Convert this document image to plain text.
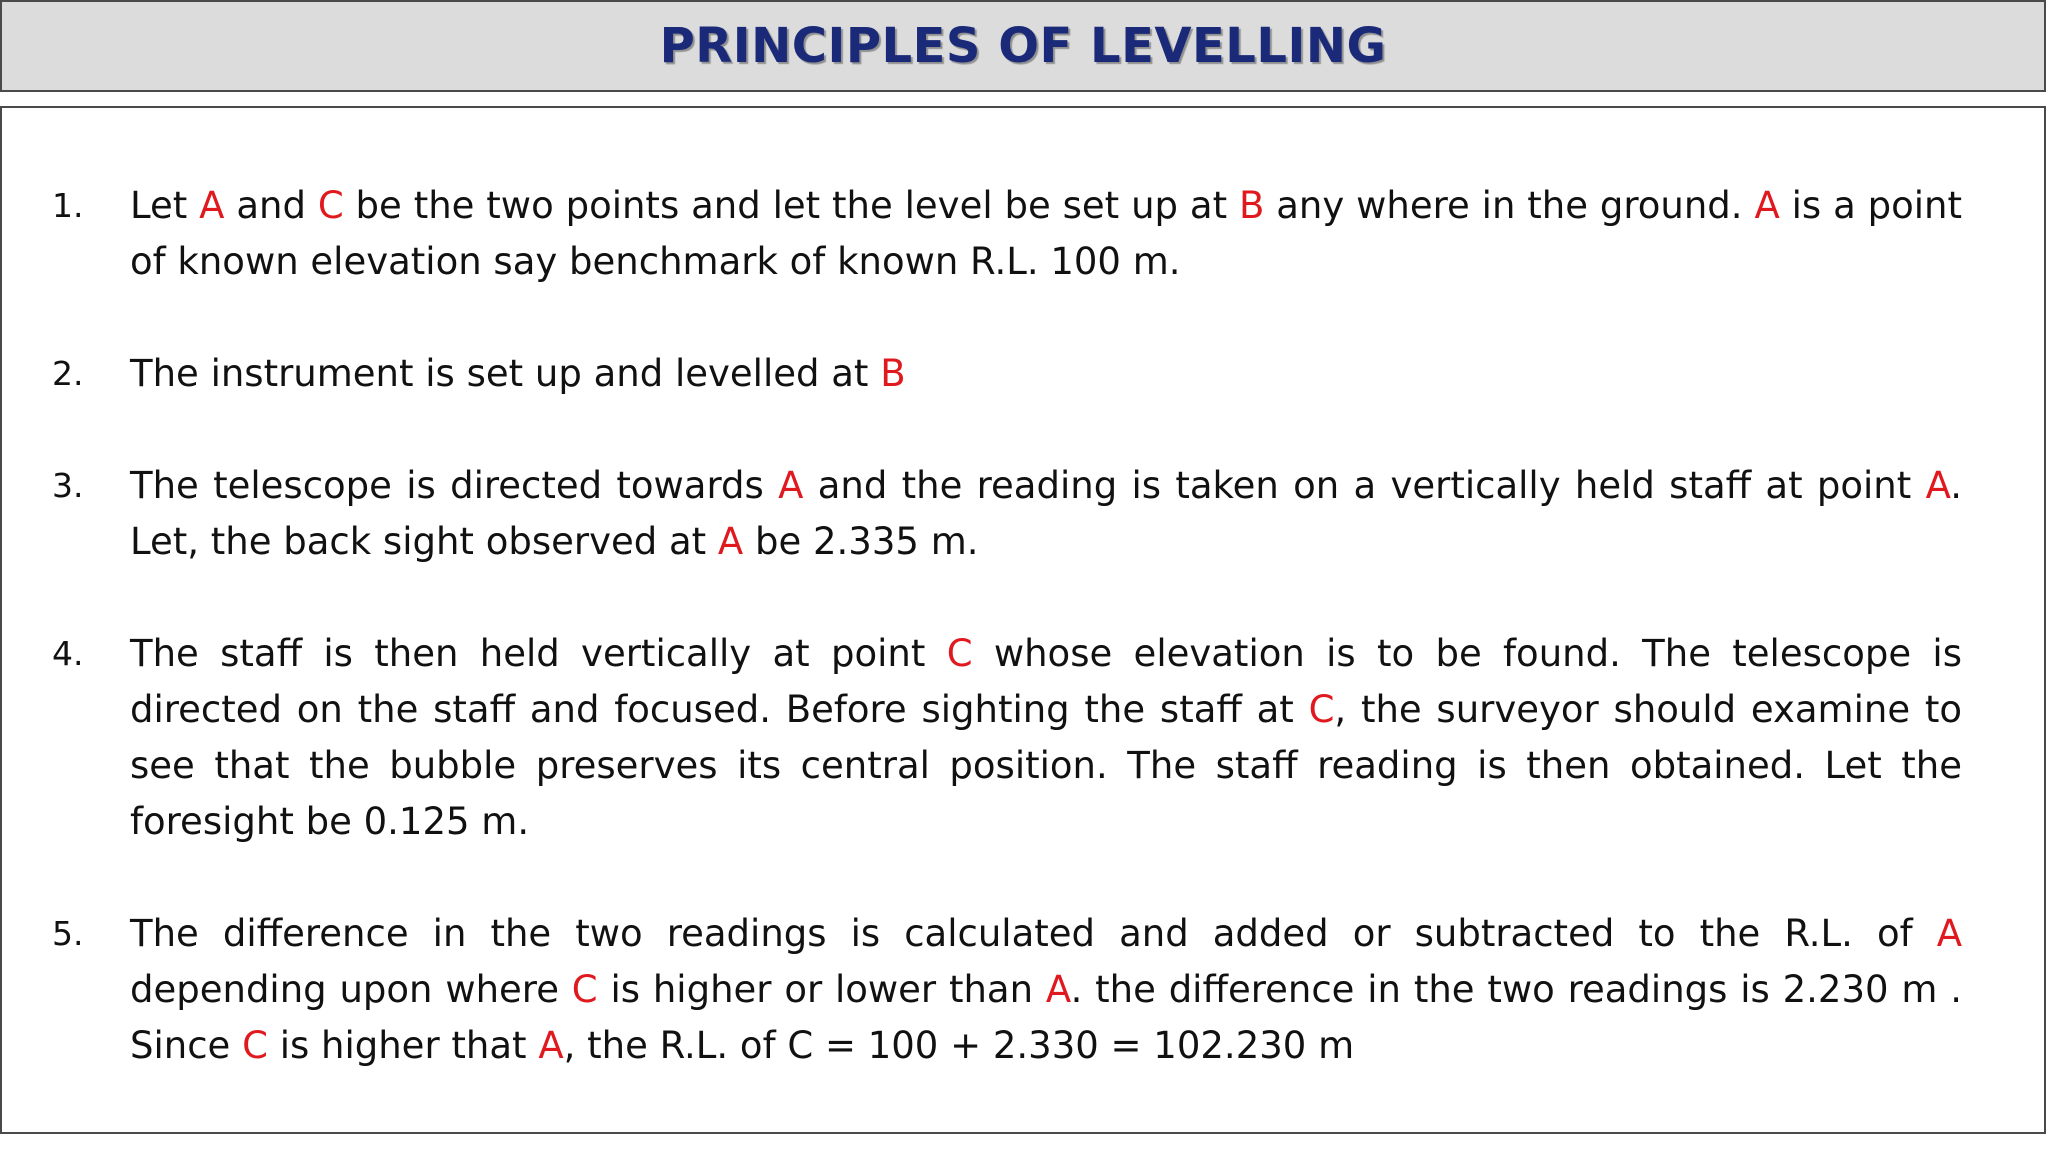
PRINCIPLES OF LEVELLING
1. Let A and C be the two points and let the level be set up at B any where in the ground. A is a point of known elevation say benchmark of known R.L. 100 m.
2. The instrument is set up and levelled at B
3. The telescope is directed towards A and the reading is taken on a vertically held staff at point A. Let, the back sight observed at A be 2.335 m.
4. The staff is then held vertically at point C whose elevation is to be found. The telescope is directed on the staff and focused. Before sighting the staff at C, the surveyor should examine to see that the bubble preserves its central position. The staff reading is then obtained. Let the foresight be 0.125 m.
5. The difference in the two readings is calculated and added or subtracted to the R.L. of A depending upon where C is higher or lower than A. the difference in the two readings is 2.230 m . Since C is higher that A, the R.L. of C = 100 + 2.330 = 102.230 m
